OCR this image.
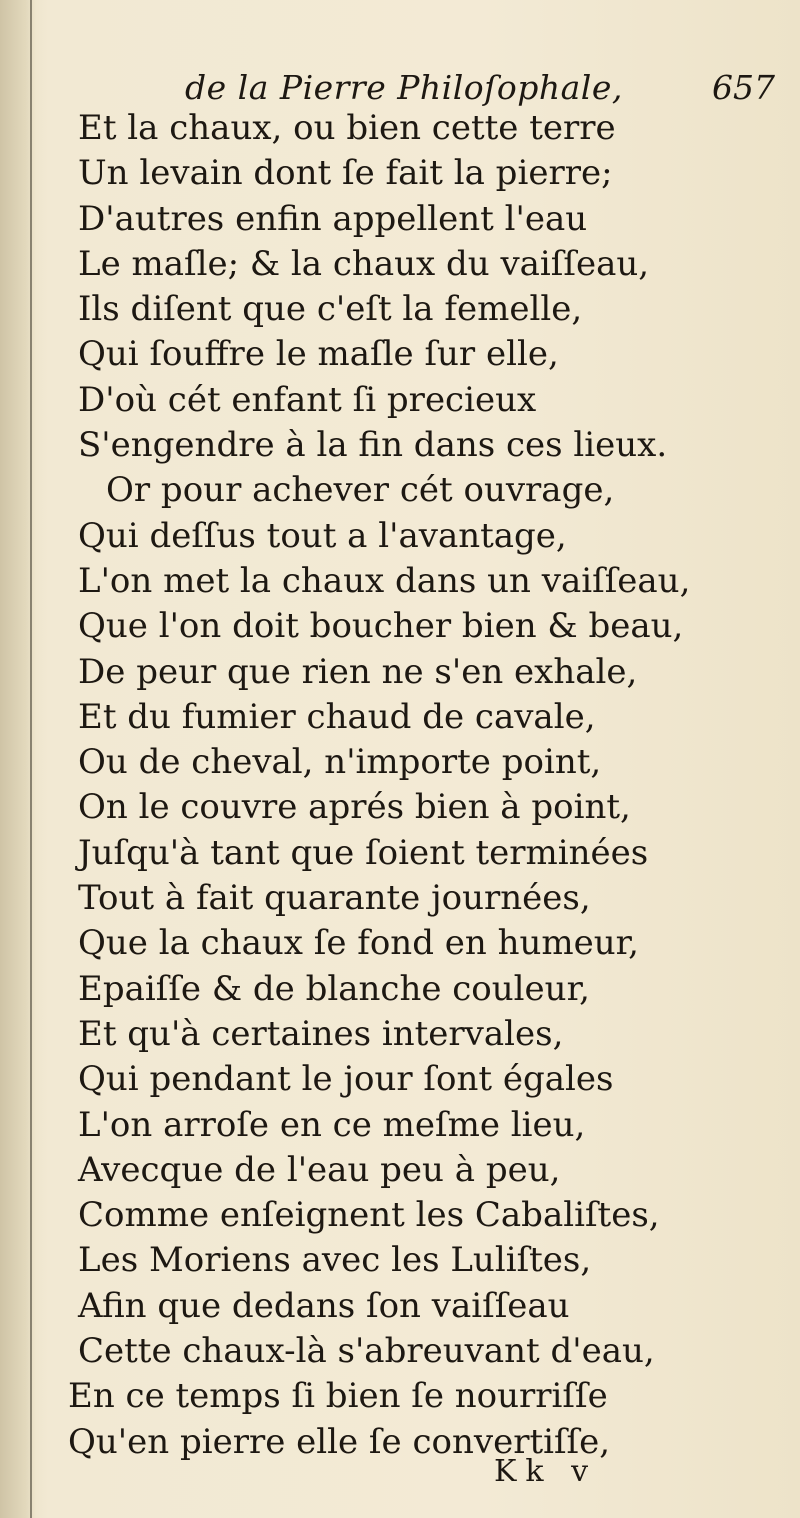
de la Pierre Philoſophale,	657
Et la chaux, ou bien cette terre
Un levain dont ſe fait la pierre;
D'autres enfin appellent l'eau
Le maſle; & la chaux du vaiſſeau,
Ils diſent que c'eſt la femelle,
Qui ſouffre le maſle ſur elle,
D'où cét enfant ſi precieux
S'engendre à la fin dans ces lieux.
Or pour achever cét ouvrage,
Qui deſſus tout a l'avantage,
L'on met la chaux dans un vaiſſeau,
Que l'on doit boucher bien & beau,
De peur que rien ne s'en exhale,
Et du fumier chaud de cavale,
Ou de cheval, n'importe point,
On le couvre aprés bien à point,
Juſqu'à tant que ſoient terminées
Tout à fait quarante journées,
Que la chaux ſe fond en humeur,
Epaiſſe & de blanche couleur,
Et qu'à certaines intervales,
Qui pendant le jour ſont égales
L'on arroſe en ce meſme lieu,
Avecque de l'eau peu à peu,
Comme enſeignent les Cabaliſtes,
Les Moriens avec les Luliſtes,
Afin que dedans ſon vaiſſeau
Cette chaux-là s'abreuvant d'eau,
En ce temps ſi bien ſe nourriſſe
Qu'en pierre elle ſe convertiſſe,
Kk v
